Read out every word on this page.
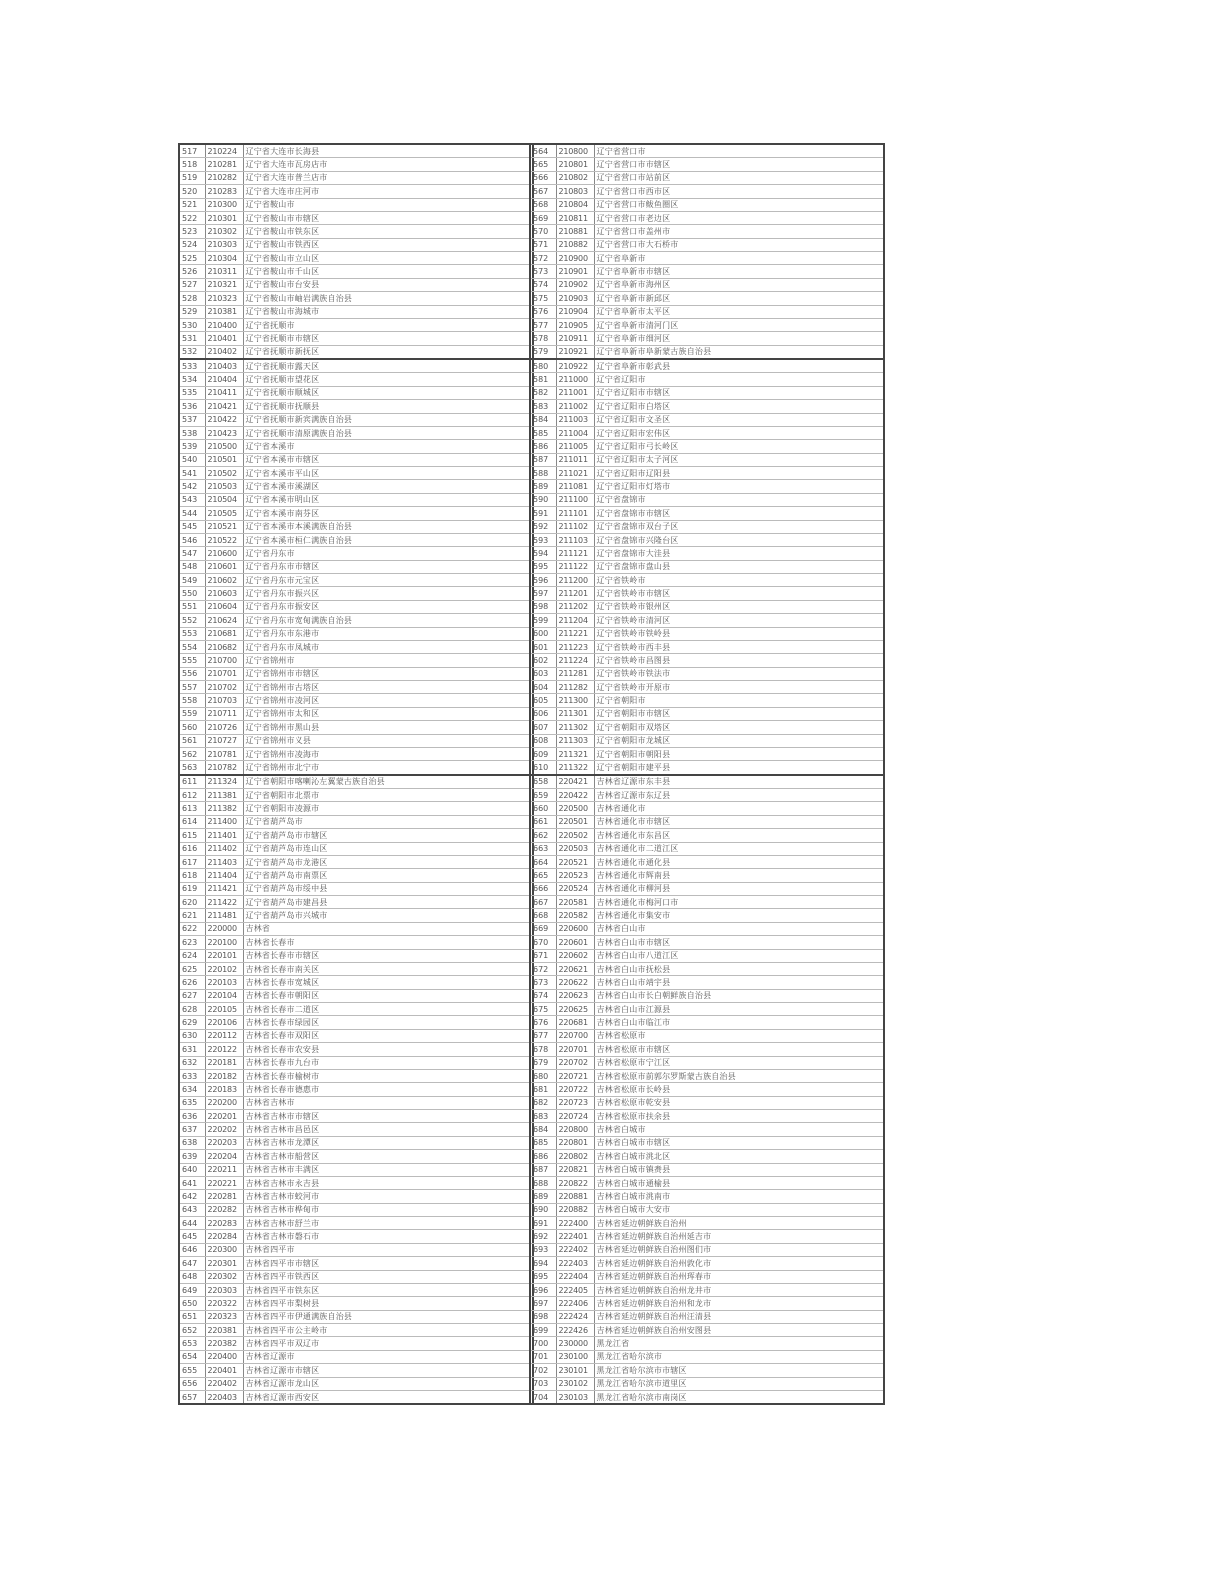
517	210224	辽宁省大连市长海县
518	210281	辽宁省大连市瓦房店市
519	210282	辽宁省大连市普兰店市
520	210283	辽宁省大连市庄河市
521	210300	辽宁省鞍山市
522	210301	辽宁省鞍山市市辖区
523	210302	辽宁省鞍山市铁东区
524	210303	辽宁省鞍山市铁西区
525	210304	辽宁省鞍山市立山区
526	210311	辽宁省鞍山市千山区
527	210321	辽宁省鞍山市台安县
528	210323	辽宁省鞍山市岫岩满族自治县
529	210381	辽宁省鞍山市海城市
530	210400	辽宁省抚顺市
531	210401	辽宁省抚顺市市辖区
532	210402	辽宁省抚顺市新抚区
533	210403	辽宁省抚顺市露天区
534	210404	辽宁省抚顺市望花区
535	210411	辽宁省抚顺市顺城区
536	210421	辽宁省抚顺市抚顺县
537	210422	辽宁省抚顺市新宾满族自治县
538	210423	辽宁省抚顺市清原满族自治县
539	210500	辽宁省本溪市
540	210501	辽宁省本溪市市辖区
541	210502	辽宁省本溪市平山区
542	210503	辽宁省本溪市溪湖区
543	210504	辽宁省本溪市明山区
544	210505	辽宁省本溪市南芬区
545	210521	辽宁省本溪市本溪满族自治县
546	210522	辽宁省本溪市桓仁满族自治县
547	210600	辽宁省丹东市
548	210601	辽宁省丹东市市辖区
549	210602	辽宁省丹东市元宝区
550	210603	辽宁省丹东市振兴区
551	210604	辽宁省丹东市振安区
552	210624	辽宁省丹东市宽甸满族自治县
553	210681	辽宁省丹东市东港市
554	210682	辽宁省丹东市凤城市
555	210700	辽宁省锦州市
556	210701	辽宁省锦州市市辖区
557	210702	辽宁省锦州市古塔区
558	210703	辽宁省锦州市凌河区
559	210711	辽宁省锦州市太和区
560	210726	辽宁省锦州市黑山县
561	210727	辽宁省锦州市义县
562	210781	辽宁省锦州市凌海市
563	210782	辽宁省锦州市北宁市
611	211324	辽宁省朝阳市喀喇沁左翼蒙古族自治县
612	211381	辽宁省朝阳市北票市
613	211382	辽宁省朝阳市凌源市
614	211400	辽宁省葫芦岛市
615	211401	辽宁省葫芦岛市市辖区
616	211402	辽宁省葫芦岛市连山区
617	211403	辽宁省葫芦岛市龙港区
618	211404	辽宁省葫芦岛市南票区
619	211421	辽宁省葫芦岛市绥中县
620	211422	辽宁省葫芦岛市建昌县
621	211481	辽宁省葫芦岛市兴城市
622	220000	吉林省
623	220100	吉林省长春市
624	220101	吉林省长春市市辖区
625	220102	吉林省长春市南关区
626	220103	吉林省长春市宽城区
627	220104	吉林省长春市朝阳区
628	220105	吉林省长春市二道区
629	220106	吉林省长春市绿园区
630	220112	吉林省长春市双阳区
631	220122	吉林省长春市农安县
632	220181	吉林省长春市九台市
633	220182	吉林省长春市榆树市
634	220183	吉林省长春市德惠市
635	220200	吉林省吉林市
636	220201	吉林省吉林市市辖区
637	220202	吉林省吉林市昌邑区
638	220203	吉林省吉林市龙潭区
639	220204	吉林省吉林市船营区
640	220211	吉林省吉林市丰满区
641	220221	吉林省吉林市永吉县
642	220281	吉林省吉林市蛟河市
643	220282	吉林省吉林市桦甸市
644	220283	吉林省吉林市舒兰市
645	220284	吉林省吉林市磐石市
646	220300	吉林省四平市
647	220301	吉林省四平市市辖区
648	220302	吉林省四平市铁西区
649	220303	吉林省四平市铁东区
650	220322	吉林省四平市梨树县
651	220323	吉林省四平市伊通满族自治县
652	220381	吉林省四平市公主岭市
653	220382	吉林省四平市双辽市
654	220400	吉林省辽源市
655	220401	吉林省辽源市市辖区
656	220402	吉林省辽源市龙山区
657	220403	吉林省辽源市西安区
564	210800	辽宁省营口市
565	210801	辽宁省营口市市辖区
566	210802	辽宁省营口市站前区
567	210803	辽宁省营口市西市区
568	210804	辽宁省营口市鲅鱼圈区
569	210811	辽宁省营口市老边区
570	210881	辽宁省营口市盖州市
571	210882	辽宁省营口市大石桥市
572	210900	辽宁省阜新市
573	210901	辽宁省阜新市市辖区
574	210902	辽宁省阜新市海州区
575	210903	辽宁省阜新市新邱区
576	210904	辽宁省阜新市太平区
577	210905	辽宁省阜新市清河门区
578	210911	辽宁省阜新市细河区
579	210921	辽宁省阜新市阜新蒙古族自治县
580	210922	辽宁省阜新市彰武县
581	211000	辽宁省辽阳市
582	211001	辽宁省辽阳市市辖区
583	211002	辽宁省辽阳市白塔区
584	211003	辽宁省辽阳市文圣区
585	211004	辽宁省辽阳市宏伟区
586	211005	辽宁省辽阳市弓长岭区
587	211011	辽宁省辽阳市太子河区
588	211021	辽宁省辽阳市辽阳县
589	211081	辽宁省辽阳市灯塔市
590	211100	辽宁省盘锦市
591	211101	辽宁省盘锦市市辖区
592	211102	辽宁省盘锦市双台子区
593	211103	辽宁省盘锦市兴隆台区
594	211121	辽宁省盘锦市大洼县
595	211122	辽宁省盘锦市盘山县
596	211200	辽宁省铁岭市
597	211201	辽宁省铁岭市市辖区
598	211202	辽宁省铁岭市银州区
599	211204	辽宁省铁岭市清河区
600	211221	辽宁省铁岭市铁岭县
601	211223	辽宁省铁岭市西丰县
602	211224	辽宁省铁岭市昌图县
603	211281	辽宁省铁岭市铁法市
604	211282	辽宁省铁岭市开原市
605	211300	辽宁省朝阳市
606	211301	辽宁省朝阳市市辖区
607	211302	辽宁省朝阳市双塔区
608	211303	辽宁省朝阳市龙城区
609	211321	辽宁省朝阳市朝阳县
610	211322	辽宁省朝阳市建平县
658	220421	吉林省辽源市东丰县
659	220422	吉林省辽源市东辽县
660	220500	吉林省通化市
661	220501	吉林省通化市市辖区
662	220502	吉林省通化市东昌区
663	220503	吉林省通化市二道江区
664	220521	吉林省通化市通化县
665	220523	吉林省通化市辉南县
666	220524	吉林省通化市柳河县
667	220581	吉林省通化市梅河口市
668	220582	吉林省通化市集安市
669	220600	吉林省白山市
670	220601	吉林省白山市市辖区
671	220602	吉林省白山市八道江区
672	220621	吉林省白山市抚松县
673	220622	吉林省白山市靖宇县
674	220623	吉林省白山市长白朝鲜族自治县
675	220625	吉林省白山市江源县
676	220681	吉林省白山市临江市
677	220700	吉林省松原市
678	220701	吉林省松原市市辖区
679	220702	吉林省松原市宁江区
680	220721	吉林省松原市前郭尔罗斯蒙古族自治县
681	220722	吉林省松原市长岭县
682	220723	吉林省松原市乾安县
683	220724	吉林省松原市扶余县
684	220800	吉林省白城市
685	220801	吉林省白城市市辖区
686	220802	吉林省白城市洮北区
687	220821	吉林省白城市镇赉县
688	220822	吉林省白城市通榆县
689	220881	吉林省白城市洮南市
690	220882	吉林省白城市大安市
691	222400	吉林省延边朝鲜族自治州
692	222401	吉林省延边朝鲜族自治州延吉市
693	222402	吉林省延边朝鲜族自治州图们市
694	222403	吉林省延边朝鲜族自治州敦化市
695	222404	吉林省延边朝鲜族自治州珲春市
696	222405	吉林省延边朝鲜族自治州龙井市
697	222406	吉林省延边朝鲜族自治州和龙市
698	222424	吉林省延边朝鲜族自治州汪清县
699	222426	吉林省延边朝鲜族自治州安图县
700	230000	黑龙江省
701	230100	黑龙江省哈尔滨市
702	230101	黑龙江省哈尔滨市市辖区
703	230102	黑龙江省哈尔滨市道里区
704	230103	黑龙江省哈尔滨市南岗区
